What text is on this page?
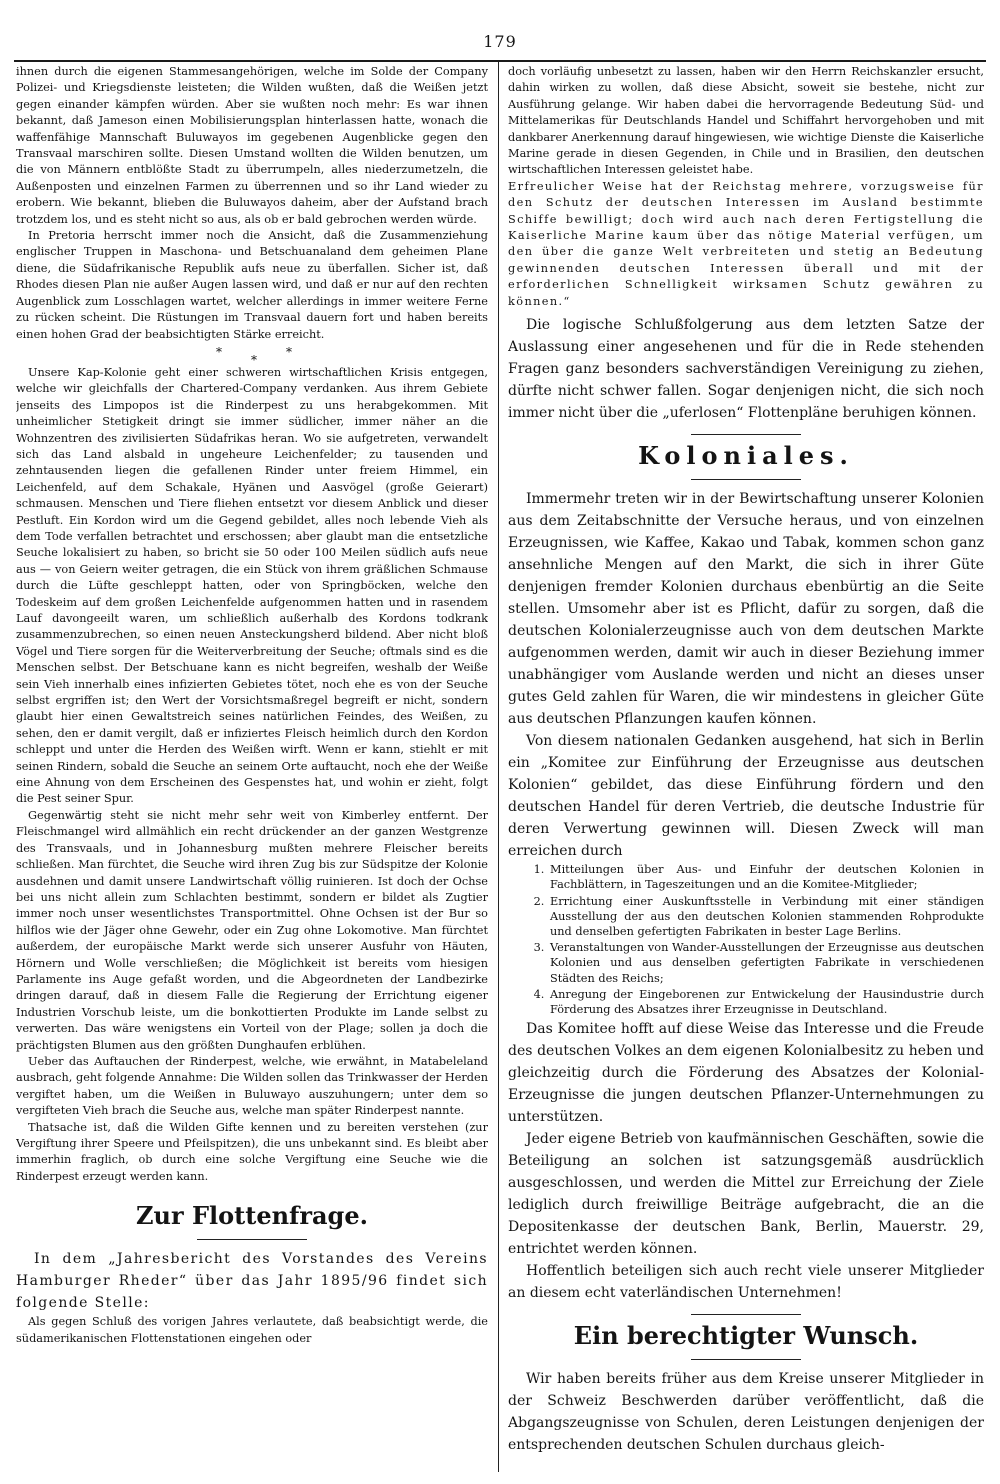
179

ihnen durch die eigenen Stammesangehörigen, welche im Solde der Company Polizei- und Kriegsdienste leisteten; die Wilden wußten, daß die Weißen jetzt gegen einander kämpfen würden. Aber sie wußten noch mehr: Es war ihnen bekannt, daß Jameson einen Mobilisierungsplan hinterlassen hatte, wonach die waffenfähige Mannschaft Buluwayos im gegebenen Augenblicke gegen den Transvaal marschiren sollte. Diesen Umstand wollten die Wilden benutzen, um die von Männern entblößte Stadt zu überrumpeln, alles niederzumetzeln, die Außenposten und einzelnen Farmen zu überrennen und so ihr Land wieder zu erobern. Wie bekannt, blieben die Buluwayos daheim, aber der Aufstand brach trotzdem los, und es steht nicht so aus, als ob er bald gebrochen werden würde.

In Pretoria herrscht immer noch die Ansicht, daß die Zusammenziehung englischer Truppen in Maschona- und Betschuanaland dem geheimen Plane diene, die Südafrikanische Republik aufs neue zu überfallen. Sicher ist, daß Rhodes diesen Plan nie außer Augen lassen wird, und daß er nur auf den rechten Augenblick zum Losschlagen wartet, welcher allerdings in immer weitere Ferne zu rücken scheint. Die Rüstungen im Transvaal dauern fort und haben bereits einen hohen Grad der beabsichtigten Stärke erreicht.

*	*
*

Unsere Kap-Kolonie geht einer schweren wirtschaftlichen Krisis entgegen, welche wir gleichfalls der Chartered-Company verdanken. Aus ihrem Gebiete jenseits des Limpopos ist die Rinderpest zu uns herabgekommen. Mit unheimlicher Stetigkeit dringt sie immer südlicher, immer näher an die Wohnzentren des zivilisierten Südafrikas heran. Wo sie aufgetreten, verwandelt sich das Land alsbald in ungeheure Leichenfelder; zu tausenden und zehntausenden liegen die gefallenen Rinder unter freiem Himmel, ein Leichenfeld, auf dem Schakale, Hyänen und Aasvögel (große Geierart) schmausen. Menschen und Tiere fliehen entsetzt vor diesem Anblick und dieser Pestluft. Ein Kordon wird um die Gegend gebildet, alles noch lebende Vieh als dem Tode verfallen betrachtet und erschossen; aber glaubt man die entsetzliche Seuche lokalisiert zu haben, so bricht sie 50 oder 100 Meilen südlich aufs neue aus — von Geiern weiter getragen, die ein Stück von ihrem gräßlichen Schmause durch die Lüfte geschleppt hatten, oder von Springböcken, welche den Todeskeim auf dem großen Leichenfelde aufgenommen hatten und in rasendem Lauf davongeeilt waren, um schließlich außerhalb des Kordons todkrank zusammenzubrechen, so einen neuen Ansteckungsherd bildend. Aber nicht bloß Vögel und Tiere sorgen für die Weiterverbreitung der Seuche; oftmals sind es die Menschen selbst. Der Betschuane kann es nicht begreifen, weshalb der Weiße sein Vieh innerhalb eines infizierten Gebietes tötet, noch ehe es von der Seuche selbst ergriffen ist; den Wert der Vorsichtsmaßregel begreift er nicht, sondern glaubt hier einen Gewaltstreich seines natürlichen Feindes, des Weißen, zu sehen, den er damit vergilt, daß er infiziertes Fleisch heimlich durch den Kordon schleppt und unter die Herden des Weißen wirft. Wenn er kann, stiehlt er mit seinen Rindern, sobald die Seuche an seinem Orte auftaucht, noch ehe der Weiße eine Ahnung von dem Erscheinen des Gespenstes hat, und wohin er zieht, folgt die Pest seiner Spur.

Gegenwärtig steht sie nicht mehr sehr weit von Kimberley entfernt. Der Fleischmangel wird allmählich ein recht drückender an der ganzen Westgrenze des Transvaals, und in Johannesburg mußten mehrere Fleischer bereits schließen. Man fürchtet, die Seuche wird ihren Zug bis zur Südspitze der Kolonie ausdehnen und damit unsere Landwirtschaft völlig ruinieren. Ist doch der Ochse bei uns nicht allein zum Schlachten bestimmt, sondern er bildet als Zugtier immer noch unser wesentlichstes Transportmittel. Ohne Ochsen ist der Bur so hilflos wie der Jäger ohne Gewehr, oder ein Zug ohne Lokomotive. Man fürchtet außerdem, der europäische Markt werde sich unserer Ausfuhr von Häuten, Hörnern und Wolle verschließen; die Möglichkeit ist bereits vom hiesigen Parlamente ins Auge gefaßt worden, und die Abgeordneten der Landbezirke dringen darauf, daß in diesem Falle die Regierung der Errichtung eigener Industrien Vorschub leiste, um die bonkottierten Produkte im Lande selbst zu verwerten. Das wäre wenigstens ein Vorteil von der Plage; sollen ja doch die prächtigsten Blumen aus den größten Dunghaufen erblühen.

Ueber das Auftauchen der Rinderpest, welche, wie erwähnt, in Matabeleland ausbrach, geht folgende Annahme: Die Wilden sollen das Trinkwasser der Herden vergiftet haben, um die Weißen in Buluwayo auszuhungern; unter dem so vergifteten Vieh brach die Seuche aus, welche man später Rinderpest nannte.

Thatsache ist, daß die Wilden Gifte kennen und zu bereiten verstehen (zur Vergiftung ihrer Speere und Pfeilspitzen), die uns unbekannt sind. Es bleibt aber immerhin fraglich, ob durch eine solche Vergiftung eine Seuche wie die Rinderpest erzeugt werden kann.

Zur Flottenfrage.

In dem „Jahresbericht des Vorstandes des Vereins Hamburger Rheder“ über das Jahr 1895/96 findet sich folgende Stelle:

Als gegen Schluß des vorigen Jahres verlautete, daß beabsichtigt werde, die südamerikanischen Flottenstationen eingehen oder

doch vorläufig unbesetzt zu lassen, haben wir den Herrn Reichskanzler ersucht, dahin wirken zu wollen, daß diese Absicht, soweit sie bestehe, nicht zur Ausführung gelange. Wir haben dabei die hervorragende Bedeutung Süd- und Mittelamerikas für Deutschlands Handel und Schiffahrt hervorgehoben und mit dankbarer Anerkennung darauf hingewiesen, wie wichtige Dienste die Kaiserliche Marine gerade in diesen Gegenden, in Chile und in Brasilien, den deutschen wirtschaftlichen Interessen geleistet habe.

Erfreulicher Weise hat der Reichstag mehrere, vorzugsweise für den Schutz der deutschen Interessen im Ausland bestimmte Schiffe bewilligt; doch wird auch nach deren Fertigstellung die Kaiserliche Marine kaum über das nötige Material verfügen, um den über die ganze Welt verbreiteten und stetig an Bedeutung gewinnenden deutschen Interessen überall und mit der erforderlichen Schnelligkeit wirksamen Schutz gewähren zu können.“

Die logische Schlußfolgerung aus dem letzten Satze der Auslassung einer angesehenen und für die in Rede stehenden Fragen ganz besonders sachverständigen Vereinigung zu ziehen, dürfte nicht schwer fallen. Sogar denjenigen nicht, die sich noch immer nicht über die „uferlosen“ Flottenpläne beruhigen können.

Koloniales.

Immermehr treten wir in der Bewirtschaftung unserer Kolonien aus dem Zeitabschnitte der Versuche heraus, und von einzelnen Erzeugnissen, wie Kaffee, Kakao und Tabak, kommen schon ganz ansehnliche Mengen auf den Markt, die sich in ihrer Güte denjenigen fremder Kolonien durchaus ebenbürtig an die Seite stellen. Umsomehr aber ist es Pflicht, dafür zu sorgen, daß die deutschen Kolonialerzeugnisse auch von dem deutschen Markte aufgenommen werden, damit wir auch in dieser Beziehung immer unabhängiger vom Auslande werden und nicht an dieses unser gutes Geld zahlen für Waren, die wir mindestens in gleicher Güte aus deutschen Pflanzungen kaufen können.

Von diesem nationalen Gedanken ausgehend, hat sich in Berlin ein „Komitee zur Einführung der Erzeugnisse aus deutschen Kolonien“ gebildet, das diese Einführung fördern und den deutschen Handel für deren Vertrieb, die deutsche Industrie für deren Verwertung gewinnen will. Diesen Zweck will man erreichen durch

1. Mitteilungen über Aus- und Einfuhr der deutschen Kolonien in Fachblättern, in Tageszeitungen und an die Komitee-Mitglieder;
2. Errichtung einer Auskunftsstelle in Verbindung mit einer ständigen Ausstellung der aus den deutschen Kolonien stammenden Rohprodukte und denselben gefertigten Fabrikaten in bester Lage Berlins.
3. Veranstaltungen von Wander-Ausstellungen der Erzeugnisse aus deutschen Kolonien und aus denselben gefertigten Fabrikate in verschiedenen Städten des Reichs;
4. Anregung der Eingeborenen zur Entwickelung der Hausindustrie durch Förderung des Absatzes ihrer Erzeugnisse in Deutschland.

Das Komitee hofft auf diese Weise das Interesse und die Freude des deutschen Volkes an dem eigenen Kolonialbesitz zu heben und gleichzeitig durch die Förderung des Absatzes der Kolonial-Erzeugnisse die jungen deutschen Pflanzer-Unternehmungen zu unterstützen.

Jeder eigene Betrieb von kaufmännischen Geschäften, sowie die Beteiligung an solchen ist satzungsgemäß ausdrücklich ausgeschlossen, und werden die Mittel zur Erreichung der Ziele lediglich durch freiwillige Beiträge aufgebracht, die an die Depositenkasse der deutschen Bank, Berlin, Mauerstr. 29, entrichtet werden können.

Hoffentlich beteiligen sich auch recht viele unserer Mitglieder an diesem echt vaterländischen Unternehmen!

Ein berechtigter Wunsch.

Wir haben bereits früher aus dem Kreise unserer Mitglieder in der Schweiz Beschwerden darüber veröffentlicht, daß die Abgangszeugnisse von Schulen, deren Leistungen denjenigen der entsprechenden deutschen Schulen durchaus gleich-
